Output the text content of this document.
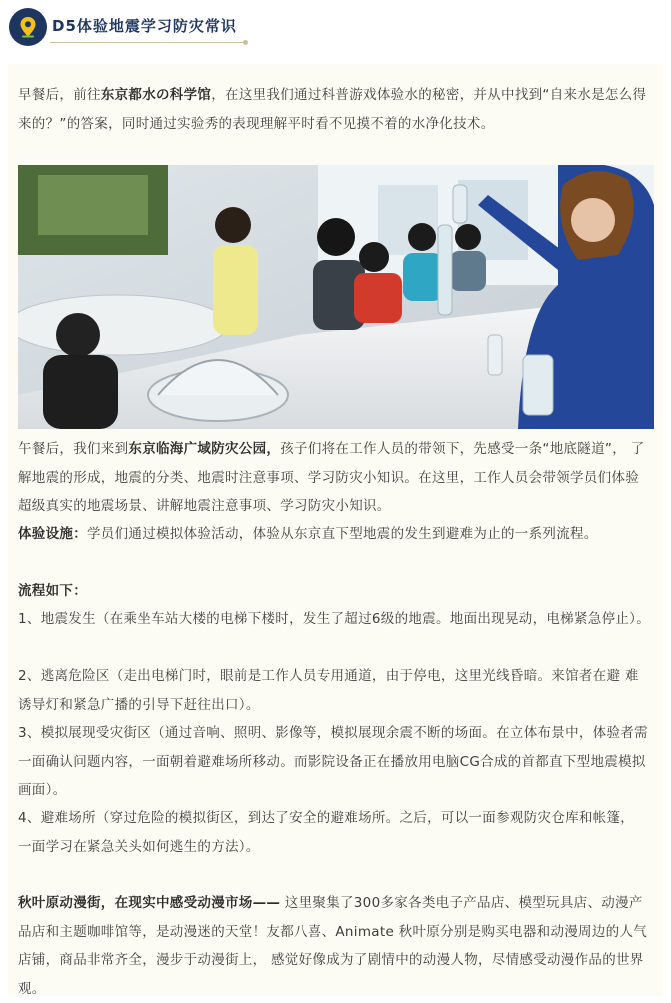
D5体验地震学习防灾常识

早餐后，前往东京都水の科学馆，在这里我们通过科普游戏体验水的秘密，并从中找到“自来水是怎么得来的？”的答案，同时通过实验秀的表现理解平时看不见摸不着的水净化技术。

午餐后，我们来到东京临海广域防灾公园，孩子们将在工作人员的带领下，先感受一条“地底隧道”， 了解地震的形成，地震的分类、地震时注意事项、学习防灾小知识。在这里，工作人员会带领学员们体验超级真实的地震场景、讲解地震注意事项、学习防灾小知识。

体验设施：学员们通过模拟体验活动，体验从东京直下型地震的发生到避难为止的一系列流程。

流程如下：

1、地震发生（在乘坐车站大楼的电梯下楼时，发生了超过6级的地震。地面出现晃动，电梯紧急停止）。

2、逃离危险区（走出电梯门时，眼前是工作人员专用通道，由于停电，这里光线昏暗。来馆者在避 难诱导灯和紧急广播的引导下赶往出口）。

3、模拟展现受灾街区（通过音响、照明、影像等，模拟展现余震不断的场面。在立体布景中，体验者需一面确认问题内容，一面朝着避难场所移动。而影院设备正在播放用电脑CG合成的首都直下型地震模拟画面）。

4、避难场所（穿过危险的模拟街区，到达了安全的避难场所。之后，可以一面参观防灾仓库和帐篷， 一面学习在紧急关头如何逃生的方法）。

秋叶原动漫街，在现实中感受动漫市场—— 这里聚集了300多家各类电子产品店、模型玩具店、动漫产品店和主题咖啡馆等，是动漫迷的天堂！友都八喜、Animate 秋叶原分别是购买电器和动漫周边的人气店铺，商品非常齐全，漫步于动漫街上， 感觉好像成为了剧情中的动漫人物，尽情感受动漫作品的世界观。
